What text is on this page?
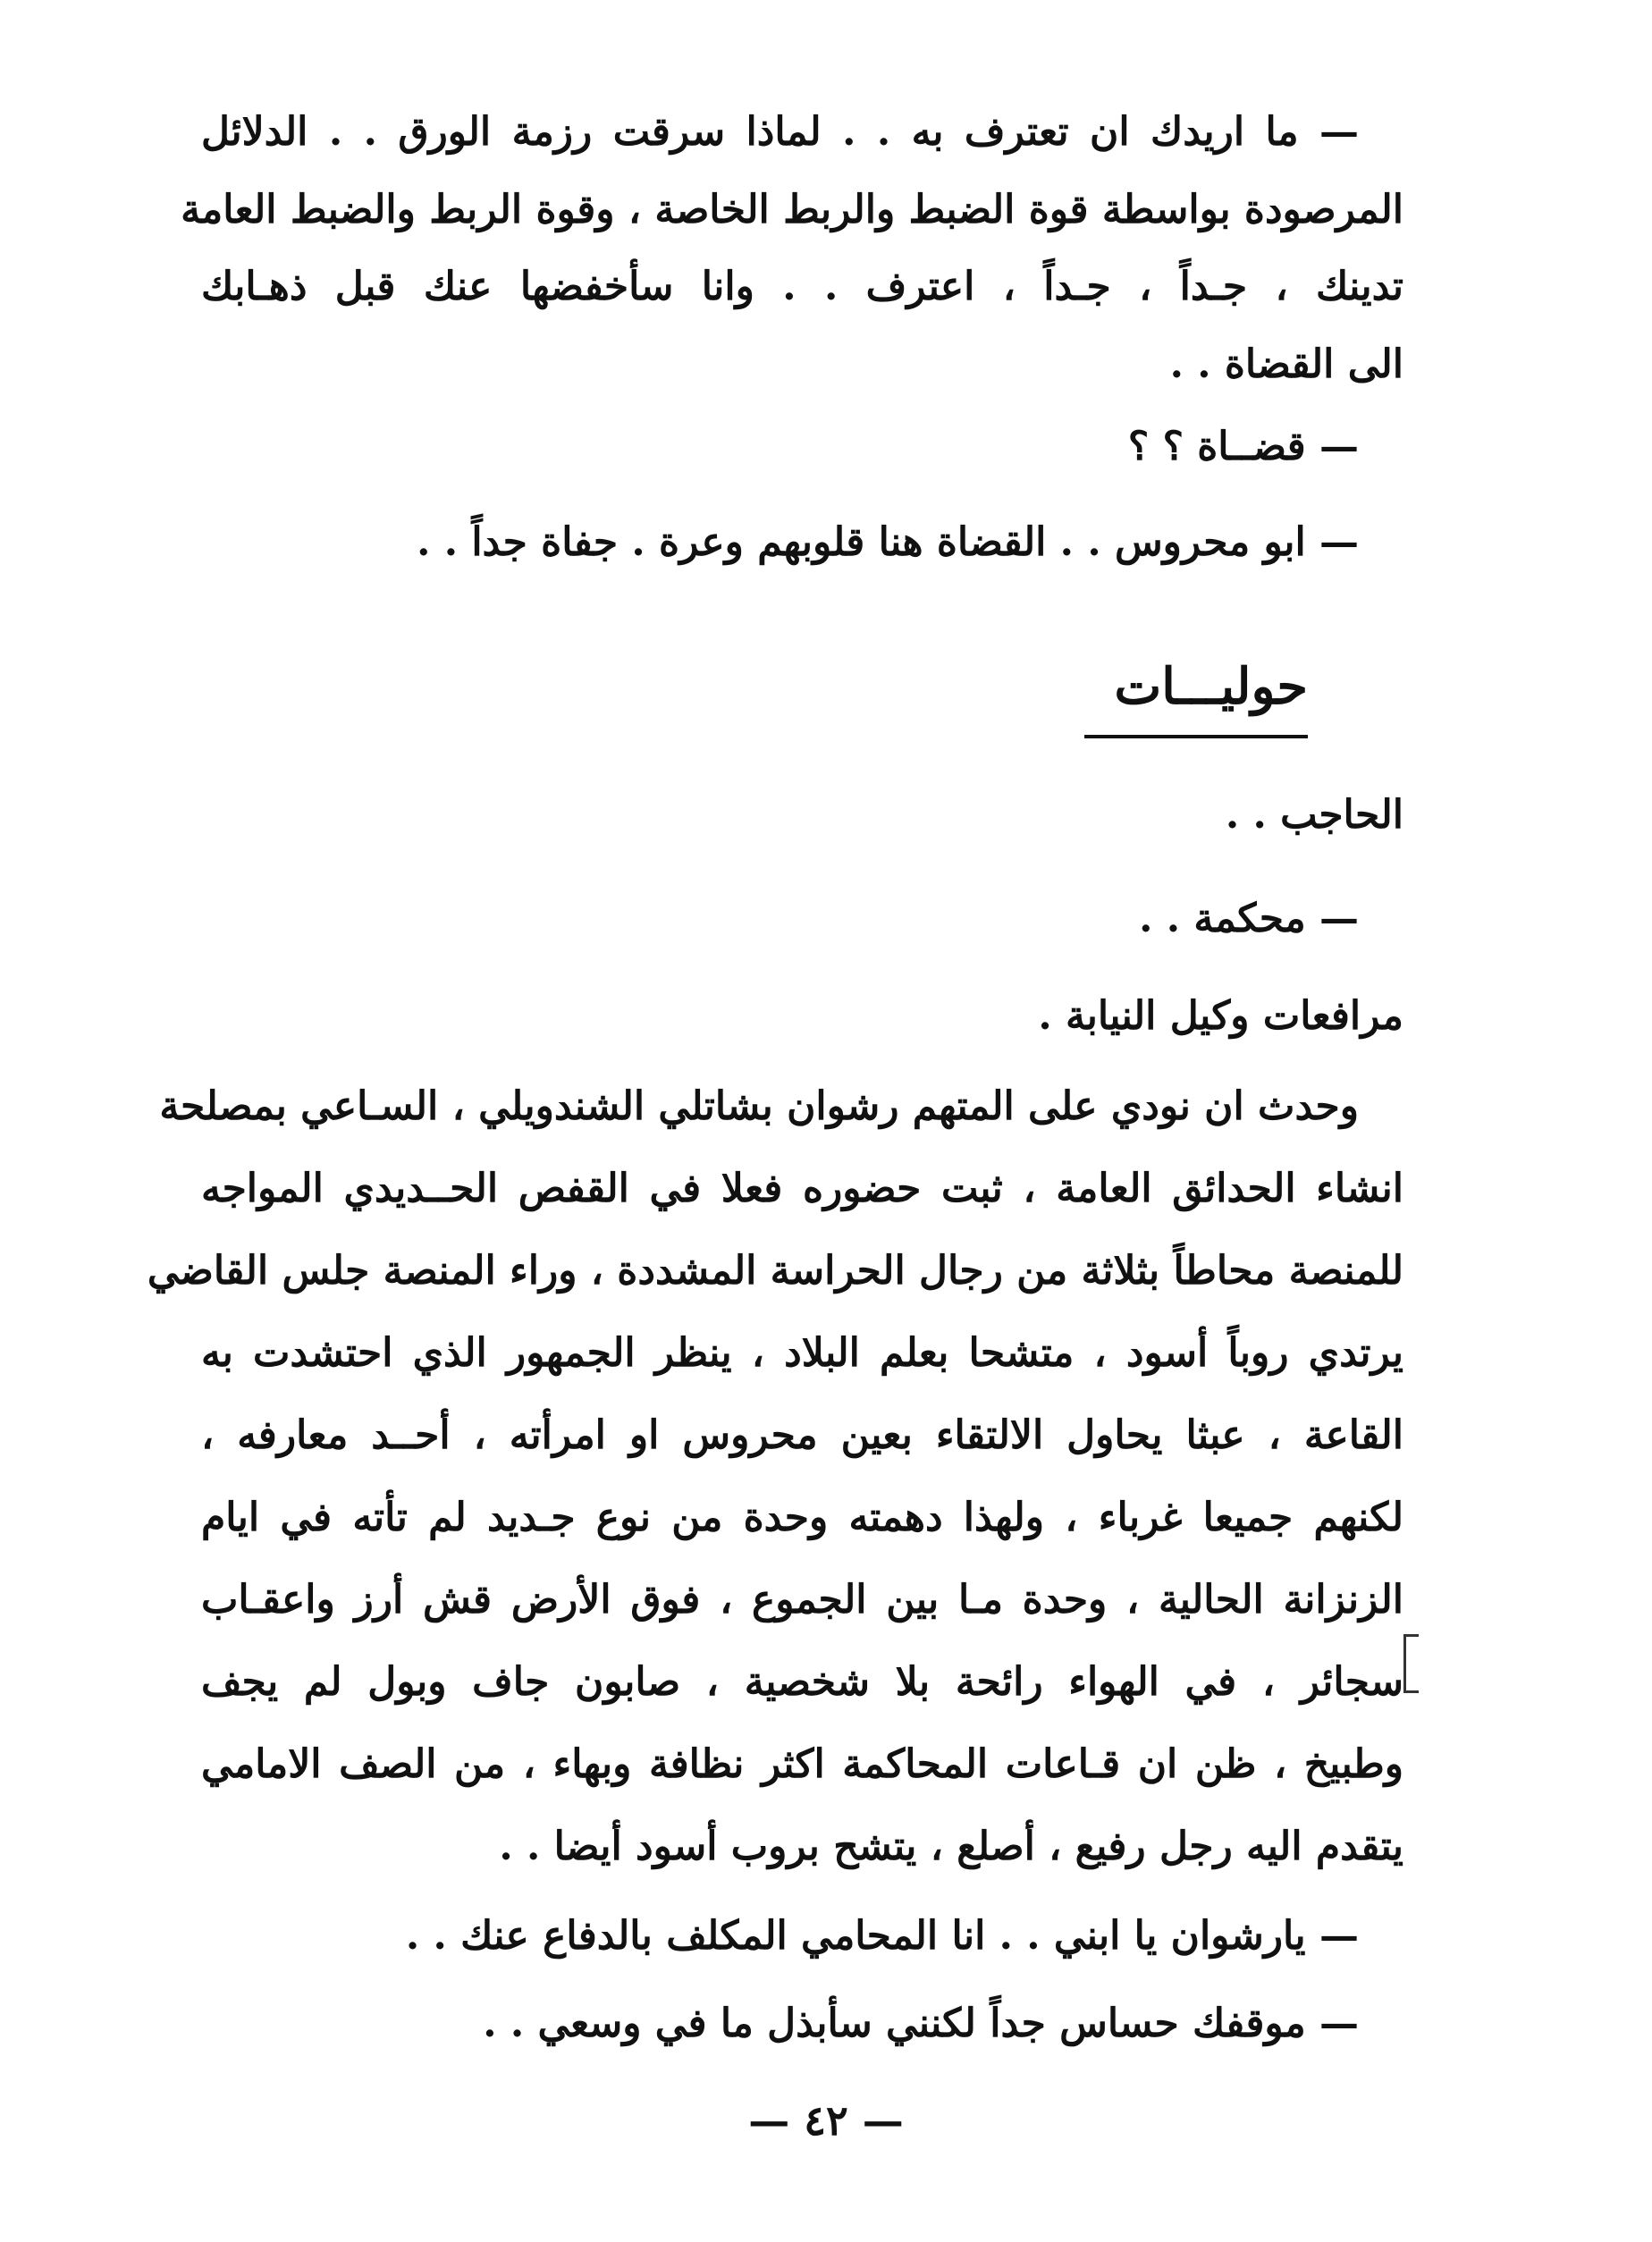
— ما اريدك ان تعترف به . . لماذا سرقت رزمة الورق . . الدلائل
المرصودة بواسطة قوة الضبط والربط الخاصة ، وقوة الربط والضبط العامة
تدينك ، جـداً ، جـداً ، اعترف . . وانا سأخفضها عنك قبل ذهـابك
الى القضاة . .
— قضــاة ؟ ؟
— ابو محروس . . القضاة هنا قلوبهم وعرة . جفاة جداً . .
حوليـــات
الحاجب . .
— محكمة . .
مرافعات وكيل النيابة .
وحدث ان نودي على المتهم رشوان بشاتلي الشندويلي ، السـاعي بمصلحة
انشاء الحدائق العامة ، ثبت حضوره فعلا في القفص الحــديدي المواجه
للمنصة محاطاً بثلاثة من رجال الحراسة المشددة ، وراء المنصة جلس القاضي
يرتدي روباً أسود ، متشحا بعلم البلاد ، ينظر الجمهور الذي احتشدت به
القاعة ، عبثا يحاول الالتقاء بعين محروس او امرأته ، أحــد معارفه ،
لكنهم جميعا غرباء ، ولهذا دهمته وحدة من نوع جـديد لم تأته في ايام
الزنزانة الحالية ، وحدة مـا بين الجموع ، فوق الأرض قش أرز واعقـاب
سجائر ، في الهواء رائحة بلا شخصية ، صابون جاف وبول لم يجف
وطبيخ ، ظن ان قـاعات المحاكمة اكثر نظافة وبهاء ، من الصف الامامي
يتقدم اليه رجل رفيع ، أصلع ، يتشح بروب أسود أيضا . .
— يارشوان يا ابني . . انا المحامي المكلف بالدفاع عنك . .
— موقفك حساس جداً لكنني سأبذل ما في وسعي . .
— ٤٢ —
